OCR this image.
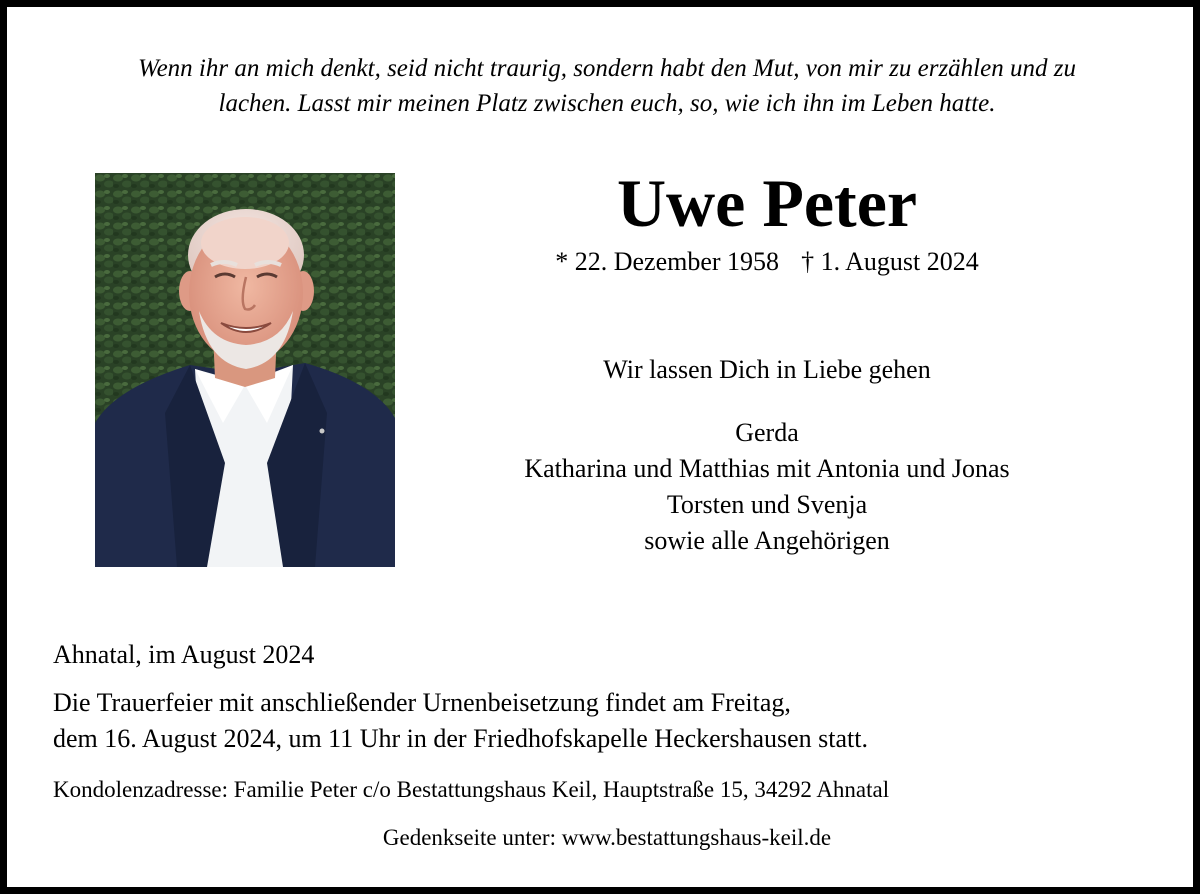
Wenn ihr an mich denkt, seid nicht traurig, sondern habt den Mut, von mir zu erzählen und zu
lachen. Lasst mir meinen Platz zwischen euch, so, wie ich ihn im Leben hatte.
Uwe Peter
* 22. Dezember 1958 † 1. August 2024
Wir lassen Dich in Liebe gehen
Gerda
Katharina und Matthias mit Antonia und Jonas
Torsten und Svenja
sowie alle Angehörigen
Ahnatal, im August 2024
Die Trauerfeier mit anschließender Urnenbeisetzung findet am Freitag,
dem 16. August 2024, um 11 Uhr in der Friedhofskapelle Heckershausen statt.
Kondolenzadresse: Familie Peter c/o Bestattungshaus Keil, Hauptstraße 15, 34292 Ahnatal
Gedenkseite unter: www.bestattungshaus-keil.de
